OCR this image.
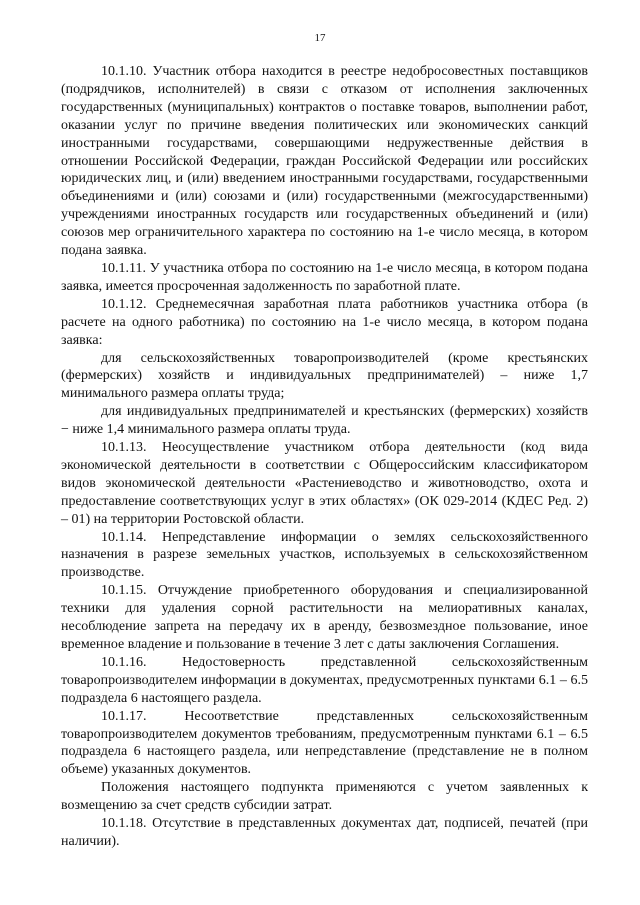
17

10.1.10. Участник отбора находится в реестре недобросовестных поставщиков (подрядчиков, исполнителей) в связи с отказом от исполнения заключенных государственных (муниципальных) контрактов о поставке товаров, выполнении работ, оказании услуг по причине введения политических или экономических санкций иностранными государствами, совершающими недружественные действия в отношении Российской Федерации, граждан Российской Федерации или российских юридических лиц, и (или) введением иностранными государствами, государственными объединениями и (или) союзами и (или) государственными (межгосударственными) учреждениями иностранных государств или государственных объединений и (или) союзов мер ограничительного характера по состоянию на 1-е число месяца, в котором подана заявка.

10.1.11. У участника отбора по состоянию на 1-е число месяца, в котором подана заявка, имеется просроченная задолженность по заработной плате.

10.1.12. Среднемесячная заработная плата работников участника отбора (в расчете на одного работника) по состоянию на 1-е число месяца, в котором подана заявка:

для сельскохозяйственных товаропроизводителей (кроме крестьянских (фермерских) хозяйств и индивидуальных предпринимателей) – ниже 1,7 минимального размера оплаты труда;

для индивидуальных предпринимателей и крестьянских (фермерских) хозяйств − ниже 1,4 минимального размера оплаты труда.

10.1.13. Неосуществление участником отбора деятельности (код вида экономической деятельности в соответствии с Общероссийским классификатором видов экономической деятельности «Растениеводство и животноводство, охота и предоставление соответствующих услуг в этих областях» (ОК 029-2014 (КДЕС Ред. 2) – 01) на территории Ростовской области.

10.1.14. Непредставление информации о землях сельскохозяйственного назначения в разрезе земельных участков, используемых в сельскохозяйственном производстве.

10.1.15. Отчуждение приобретенного оборудования и специализированной техники для удаления сорной растительности на мелиоративных каналах, несоблюдение запрета на передачу их в аренду, безвозмездное пользование, иное временное владение и пользование в течение 3 лет с даты заключения Соглашения.

10.1.16. Недостоверность представленной сельскохозяйственным товаропроизводителем информации в документах, предусмотренных пунктами 6.1 – 6.5 подраздела 6 настоящего раздела.

10.1.17. Несоответствие представленных сельскохозяйственным товаропроизводителем документов требованиям, предусмотренным пунктами 6.1 – 6.5 подраздела 6 настоящего раздела, или непредставление (представление не в полном объеме) указанных документов.

Положения настоящего подпункта применяются с учетом заявленных к возмещению за счет средств субсидии затрат.

10.1.18. Отсутствие в представленных документах дат, подписей, печатей (при наличии).
